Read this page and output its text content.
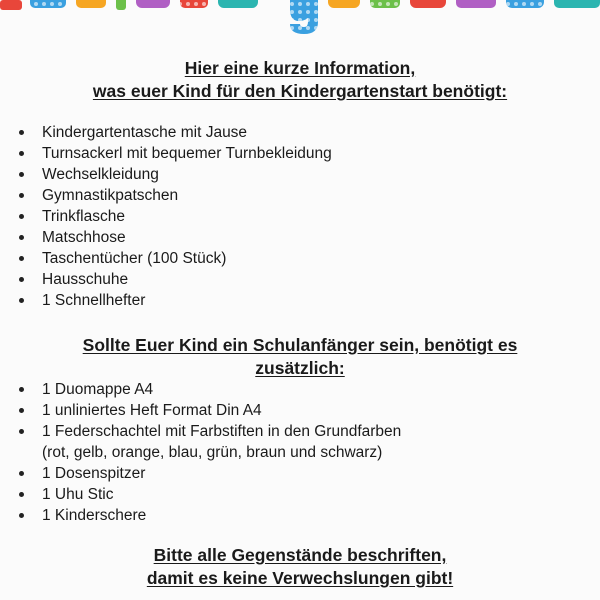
Hier eine kurze Information,
was euer Kind für den Kindergartenstart benötigt:
Kindergartentasche mit Jause
Turnsackerl mit bequemer Turnbekleidung
Wechselkleidung
Gymnastikpatschen
Trinkflasche
Matschhose
Taschentücher (100 Stück)
Hausschuhe
1 Schnellhefter
Sollte Euer Kind ein Schulanfänger sein, benötigt es
zusätzlich:
1 Duomappe A4
1 unliniertes Heft Format Din A4
1 Federschachtel mit Farbstiften in den Grundfarben
(rot, gelb, orange, blau, grün, braun und schwarz)
1 Dosenspitzer
1 Uhu Stic
1 Kinderschere
Bitte alle Gegenstände beschriften,
damit es keine Verwechslungen gibt!
